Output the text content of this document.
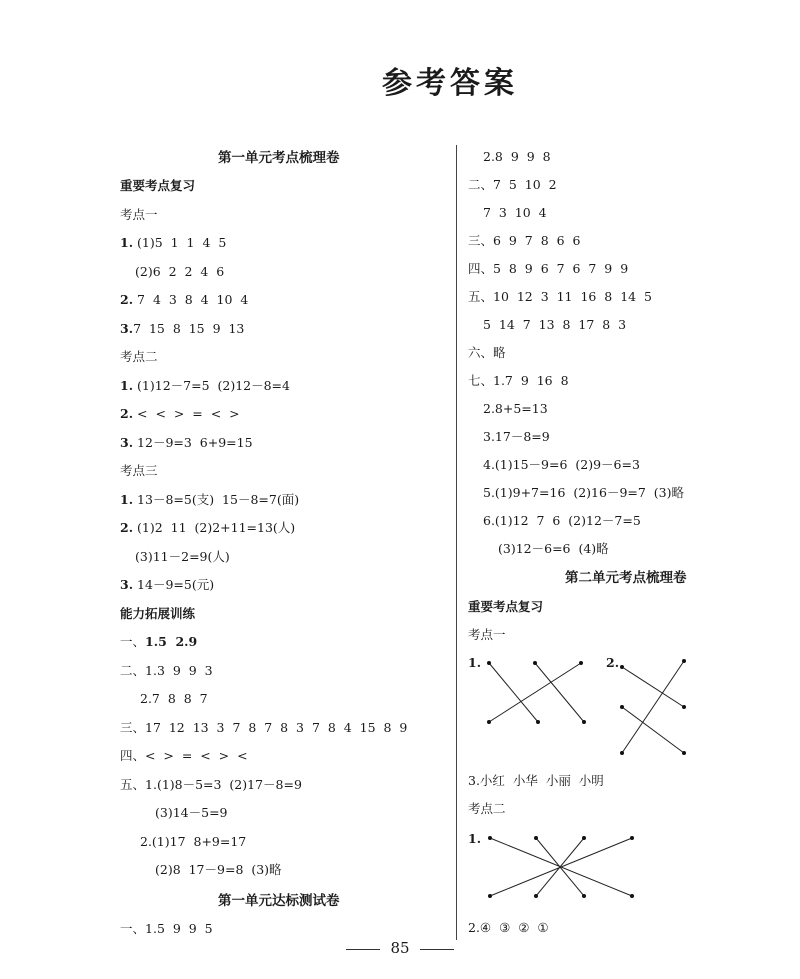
参考答案
第一单元考点梳理卷
重要考点复习
考点一
1. (1)5  1  1  4  5
(2)6  2  2  4  6
2. 7  4  3  8  4  10  4
3.7  15  8  15  9  13
考点二
1. (1)12－7=5  (2)12－8=4
2. <  <  >  =  <  >
3. 12－9=3  6+9=15
考点三
1. 13－8=5(支)  15－8=7(面)
2. (1)2  11  (2)2+11=13(人)
(3)11－2=9(人)
3. 14－9=5(元)
能力拓展训练
一、1.5  2.9
二、1.3  9  9  3
2.7  8  8  7
三、17  12  13  3  7  8  7  8  3  7  8  4  15  8  9
四、<  >  =  <  >  <
五、1.(1)8－5=3  (2)17－8=9
(3)14－5=9
2.(1)17  8+9=17
(2)8  17－9=8  (3)略
第一单元达标测试卷
一、1.5  9  9  5
2.8  9  9  8
二、7  5  10  2
7  3  10  4
三、6  9  7  8  6  6
四、5  8  9  6  7  6  7  9  9
五、10  12  3  11  16  8  14  5
5  14  7  13  8  17  8  3
六、略
七、1.7  9  16  8
2.8+5=13
3.17－8=9
4.(1)15－9=6  (2)9－6=3
5.(1)9+7=16  (2)16－9=7  (3)略
6.(1)12  7  6  (2)12－7=5
(3)12－6=6  (4)略
第二单元考点梳理卷
重要考点复习
考点一
1.	2.
3.小红  小华  小丽  小明
考点二
1.
2.④  ③  ②  ①
85
